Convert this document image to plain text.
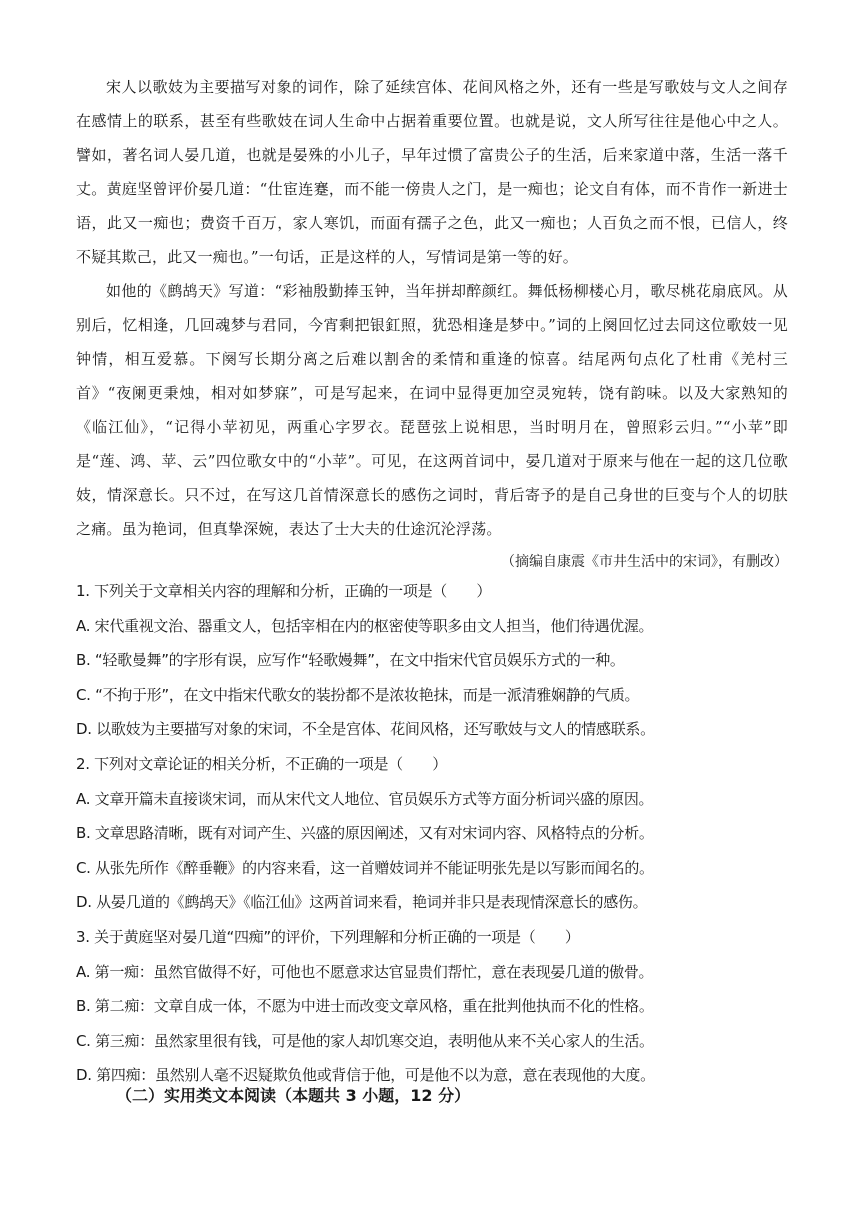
宋人以歌妓为主要描写对象的词作，除了延续宫体、花间风格之外，还有一些是写歌妓与文人之间存在感情上的联系，甚至有些歌妓在词人生命中占据着重要位置。也就是说，文人所写往往是他心中之人。譬如，著名词人晏几道，也就是晏殊的小儿子，早年过惯了富贵公子的生活，后来家道中落，生活一落千丈。黄庭坚曾评价晏几道：“仕宦连蹇，而不能一傍贵人之门，是一痴也；论文自有体，而不肯作一新进士语，此又一痴也；费资千百万，家人寒饥，而面有孺子之色，此又一痴也；人百负之而不恨，已信人，终不疑其欺己，此又一痴也。”一句话，正是这样的人，写情词是第一等的好。

如他的《鹧鸪天》写道：“彩袖殷勤捧玉钟，当年拼却醉颜红。舞低杨柳楼心月，歌尽桃花扇底风。从别后，忆相逢，几回魂梦与君同，今宵剩把银釭照，犹恐相逢是梦中。”词的上阕回忆过去同这位歌妓一见钟情，相互爱慕。下阕写长期分离之后难以割舍的柔情和重逢的惊喜。结尾两句点化了杜甫《羌村三首》“夜阑更秉烛，相对如梦寐”，可是写起来，在词中显得更加空灵宛转，饶有韵味。以及大家熟知的《临江仙》，“记得小苹初见，两重心字罗衣。琵琶弦上说相思，当时明月在，曾照彩云归。”“小苹”即是“莲、鸿、苹、云”四位歌女中的“小苹”。可见，在这两首词中，晏几道对于原来与他在一起的这几位歌妓，情深意长。只不过，在写这几首情深意长的感伤之词时，背后寄予的是自己身世的巨变与个人的切肤之痛。虽为艳词，但真挚深婉，表达了士大夫的仕途沉沦浮荡。

（摘编自康震《市井生活中的宋词》，有删改）

1. 下列关于文章相关内容的理解和分析，正确的一项是（　　）

A. 宋代重视文治、器重文人，包括宰相在内的枢密使等职多由文人担当，他们待遇优渥。

B. “轻歌曼舞”的字形有误，应写作“轻歌嫚舞”，在文中指宋代官员娱乐方式的一种。

C. “不拘于形”，在文中指宋代歌女的装扮都不是浓妆艳抹，而是一派清雅娴静的气质。

D. 以歌妓为主要描写对象的宋词，不全是宫体、花间风格，还写歌妓与文人的情感联系。

2. 下列对文章论证的相关分析，不正确的一项是（　　）

A. 文章开篇未直接谈宋词，而从宋代文人地位、官员娱乐方式等方面分析词兴盛的原因。

B. 文章思路清晰，既有对词产生、兴盛的原因阐述，又有对宋词内容、风格特点的分析。

C. 从张先所作《醉垂鞭》的内容来看，这一首赠妓词并不能证明张先是以写影而闻名的。

D. 从晏几道的《鹧鸪天》《临江仙》这两首词来看，艳词并非只是表现情深意长的感伤。

3. 关于黄庭坚对晏几道“四痴”的评价，下列理解和分析正确的一项是（　　）

A. 第一痴：虽然官做得不好，可他也不愿意求达官显贵们帮忙，意在表现晏几道的傲骨。

B. 第二痴：文章自成一体，不愿为中进士而改变文章风格，重在批判他执而不化的性格。

C. 第三痴：虽然家里很有钱，可是他的家人却饥寒交迫，表明他从来不关心家人的生活。

D. 第四痴：虽然别人毫不迟疑欺负他或背信于他，可是他不以为意，意在表现他的大度。

（二）实用类文本阅读（本题共 3 小题，12 分）
